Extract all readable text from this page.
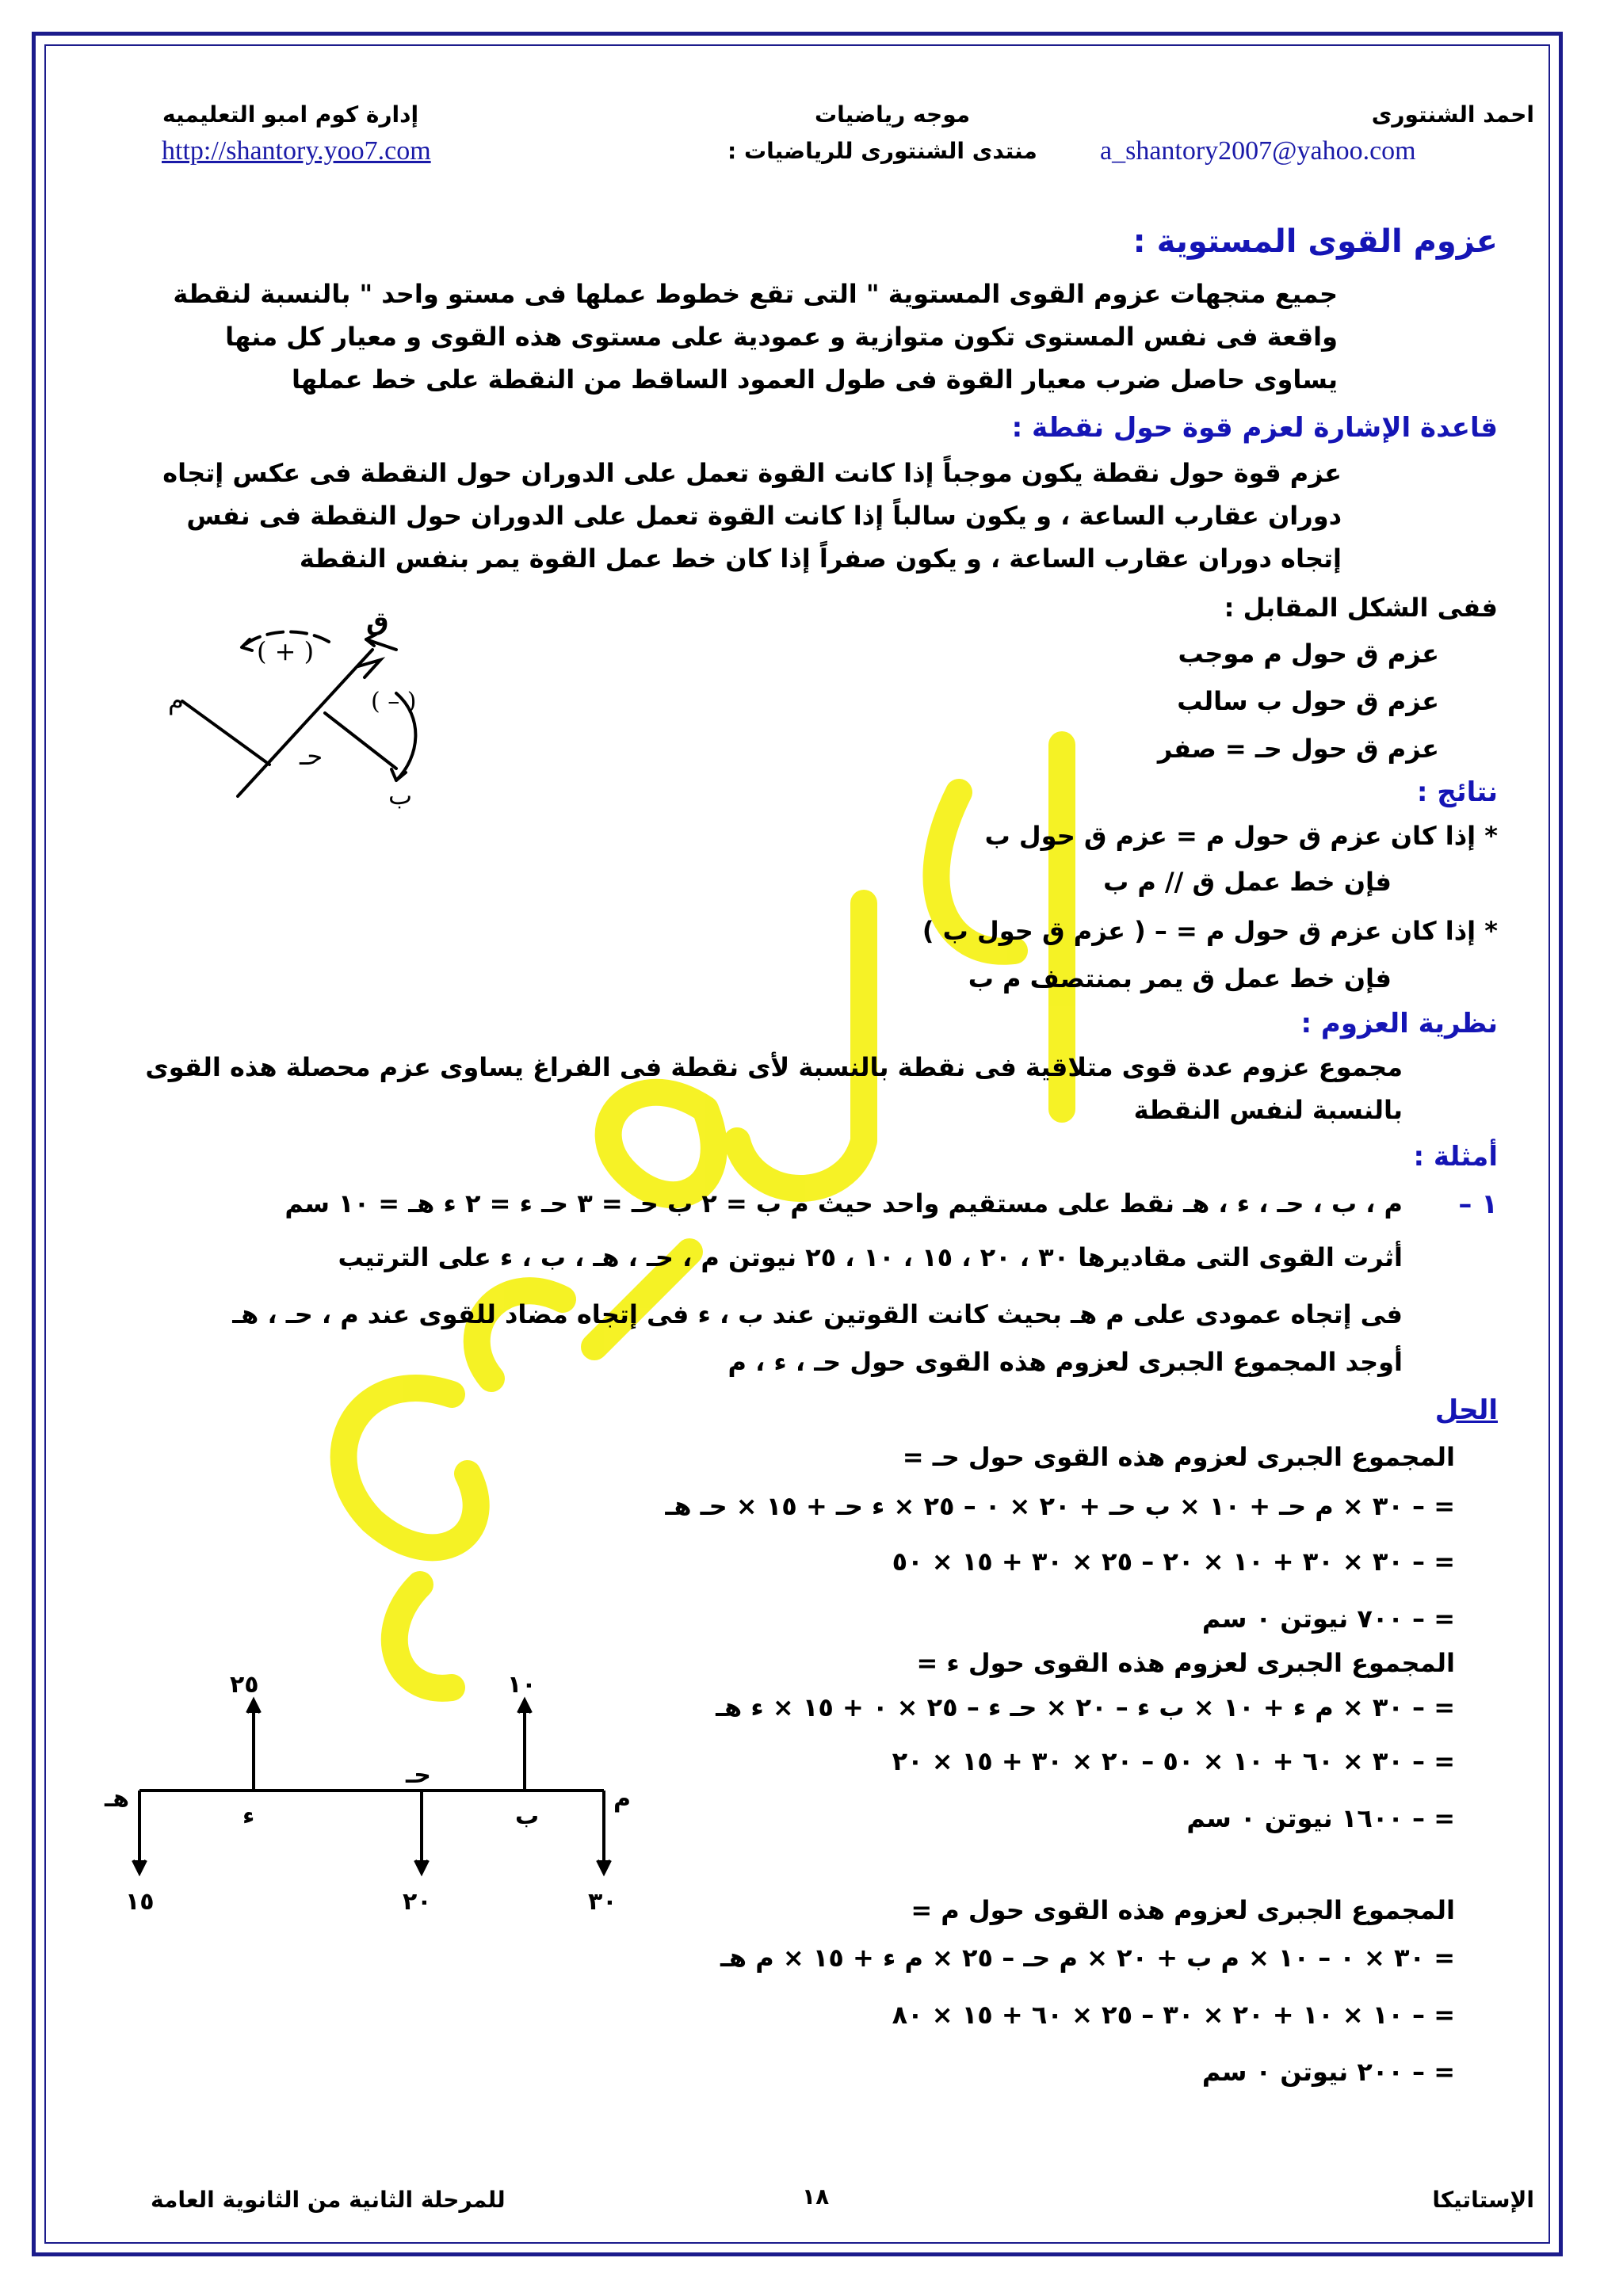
احمد الشنتورى
a_shantory2007@yahoo.com
موجه رياضيات
منتدى الشنتورى للرياضيات :
إدارة كوم امبو التعليميه
http://shantory.yoo7.com
عزوم القوى المستوية :
جميع متجهات عزوم القوى المستوية " التى تقع خطوط عملها فى مستو واحد " بالنسبة لنقطة
واقعة فى نفس المستوى تكون متوازية و عمودية على مستوى هذه القوى و معيار كل منها
يساوى حاصل ضرب معيار القوة فى طول العمود الساقط من النقطة على خط عملها
قاعدة الإشارة لعزم قوة حول نقطة :
عزم قوة حول نقطة يكون موجباً إذا كانت القوة تعمل على الدوران حول النقطة فى عكس إتجاه
دوران عقارب الساعة ، و يكون سالباً إذا كانت القوة تعمل على الدوران حول النقطة فى نفس
إتجاه دوران عقارب الساعة ، و يكون صفراً إذا كان خط عمل القوة يمر بنفس النقطة
ففى الشكل المقابل :
عزم ق حول م موجب
عزم ق حول ب سالب
عزم ق حول حـ = صفر
( + )
( – )
ق
م
ب
حـ
نتائج :
* إذا كان عزم ق حول م = عزم ق حول ب
فإن خط عمل ق // م ب
* إذا كان عزم ق حول م = – ( عزم ق حول ب )
فإن خط عمل ق يمر بمنتصف م ب
نظرية العزوم :
مجموع عزوم عدة قوى متلاقية فى نقطة بالنسبة لأى نقطة فى الفراغ يساوى عزم محصلة هذه القوى
بالنسبة لنفس النقطة
أمثلة :
١ –
م ، ب ، حـ ، ء ، هـ نقط على مستقيم واحد حيث م ب = ٢ ب حـ = ٣ حـ ء = ٢ ء هـ = ١٠ سم
أثرت القوى التى مقاديرها ٣٠ ، ٢٠ ، ١٥ ، ١٠ ، ٢٥ نيوتن م ، حـ ، هـ ، ب ، ء على الترتيب
فى إتجاه عمودى على م هـ بحيث كانت القوتين عند ب ، ء فى إتجاه مضاد للقوى عند م ، حـ ، هـ
أوجد المجموع الجبرى لعزوم هذه القوى حول حـ ، ء ، م
الحل
المجموع الجبرى لعزوم هذه القوى حول حـ =
= – ٣٠ × م حـ + ١٠ × ب حـ + ٢٠ × ٠ – ٢٥ × ء حـ + ١٥ × حـ هـ
= – ٣٠ × ٣٠ + ١٠ × ٢٠ – ٢٥ × ٣٠ + ١٥ × ٥٠
= – ٧٠٠ نيوتن ٠ سم
المجموع الجبرى لعزوم هذه القوى حول ء =
= – ٣٠ × م ء + ١٠ × ب ء – ٢٠ × حـ ء – ٢٥ × ٠ + ١٥ × ء هـ
= – ٣٠ × ٦٠ + ١٠ × ٥٠ – ٢٠ × ٣٠ + ١٥ × ٢٠
= – ١٦٠٠ نيوتن ٠ سم
المجموع الجبرى لعزوم هذه القوى حول م =
= ٣٠ × ٠ – ١٠ × م ب + ٢٠ × م حـ – ٢٥ × م ء + ١٥ × م هـ
= – ١٠ × ١٠ + ٢٠ × ٣٠ – ٢٥ × ٦٠ + ١٥ × ٨٠
= – ٢٠٠ نيوتن ٠ سم
٢٥	١٠
١٥	٢٠	٣٠
هـ
ء
حـ
ب
م
الإستاتيكا
١٨
للمرحلة الثانية من الثانوية العامة
